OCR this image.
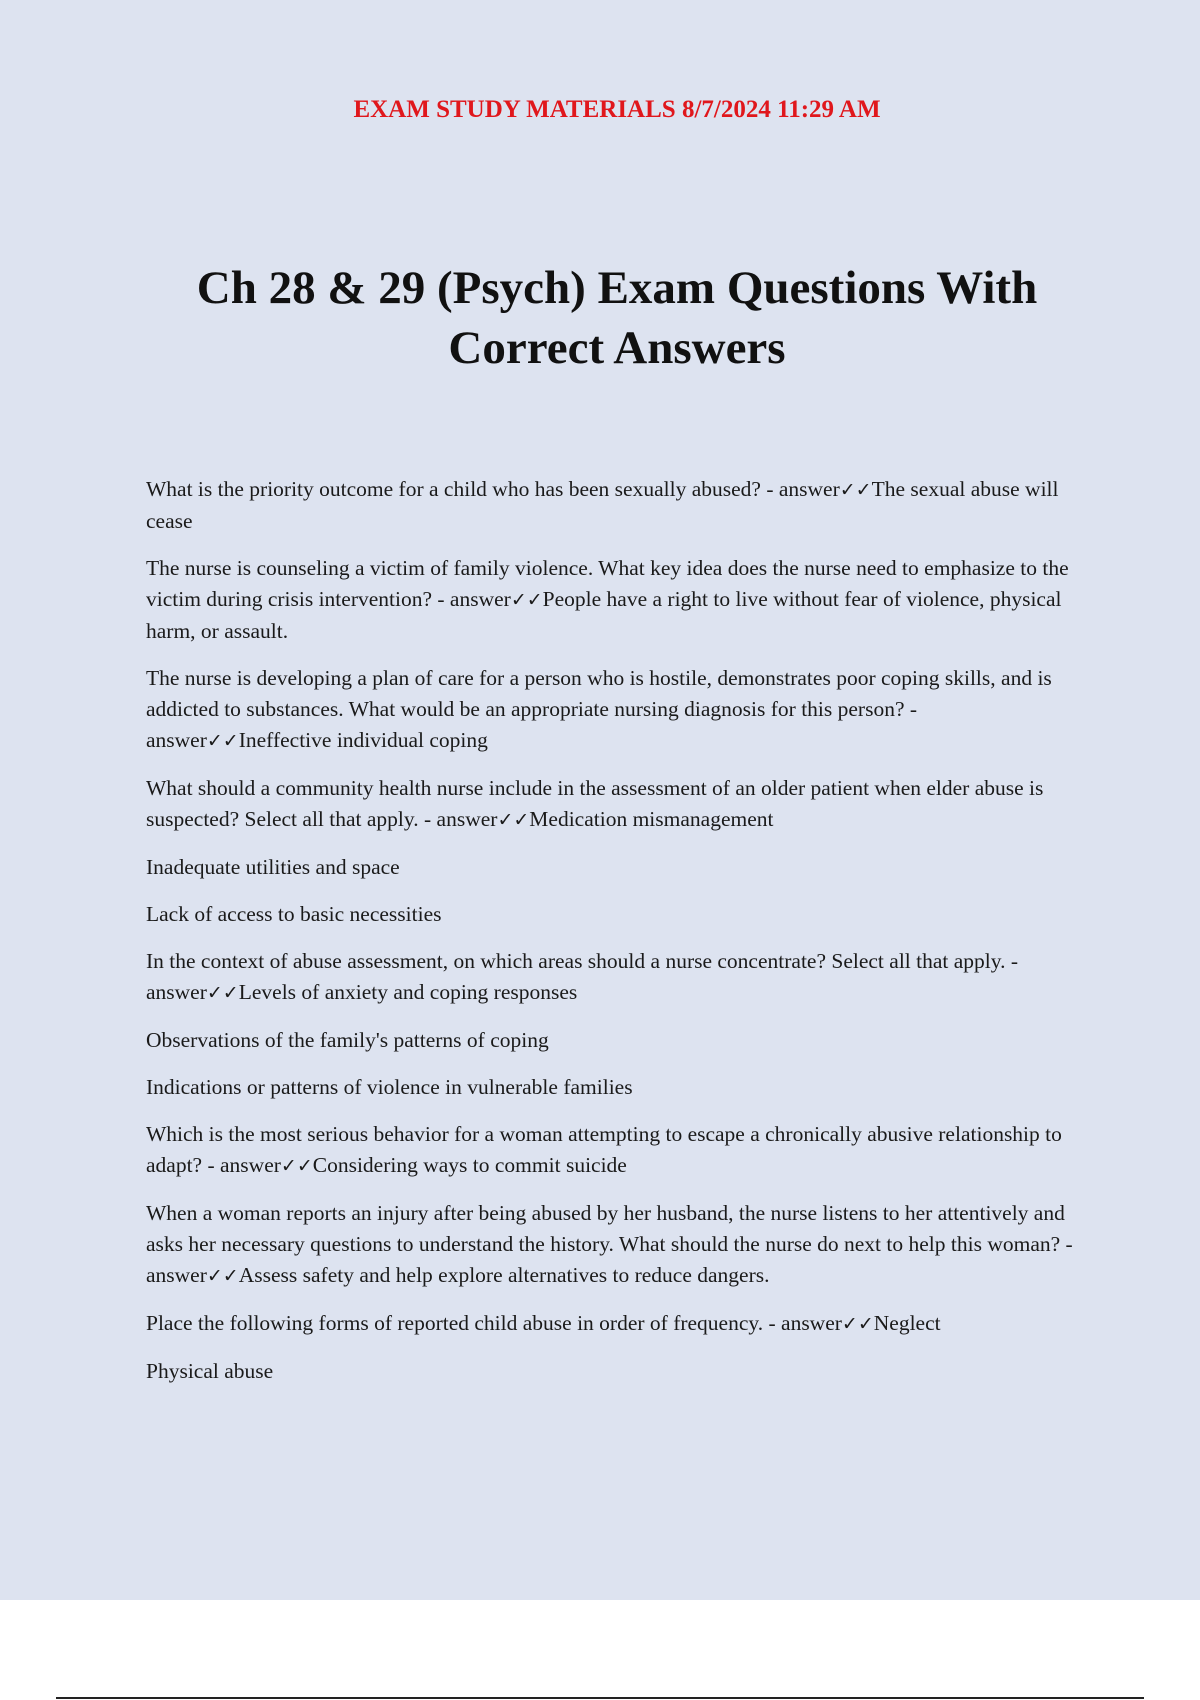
EXAM STUDY MATERIALS 8/7/2024 11:29 AM
Ch 28 & 29 (Psych) Exam Questions With
Correct Answers

What is the priority outcome for a child who has been sexually abused? - answer✓✓The sexual abuse will cease

The nurse is counseling a victim of family violence. What key idea does the nurse need to emphasize to the victim during crisis intervention? - answer✓✓People have a right to live without fear of violence, physical harm, or assault.

The nurse is developing a plan of care for a person who is hostile, demonstrates poor coping skills, and is addicted to substances. What would be an appropriate nursing diagnosis for this person? - answer✓✓Ineffective individual coping

What should a community health nurse include in the assessment of an older patient when elder abuse is suspected? Select all that apply. - answer✓✓Medication mismanagement

Inadequate utilities and space

Lack of access to basic necessities

In the context of abuse assessment, on which areas should a nurse concentrate? Select all that apply. - answer✓✓Levels of anxiety and coping responses

Observations of the family's patterns of coping

Indications or patterns of violence in vulnerable families

Which is the most serious behavior for a woman attempting to escape a chronically abusive relationship to adapt? - answer✓✓Considering ways to commit suicide

When a woman reports an injury after being abused by her husband, the nurse listens to her attentively and asks her necessary questions to understand the history. What should the nurse do next to help this woman? - answer✓✓Assess safety and help explore alternatives to reduce dangers.

Place the following forms of reported child abuse in order of frequency. - answer✓✓Neglect

Physical abuse
